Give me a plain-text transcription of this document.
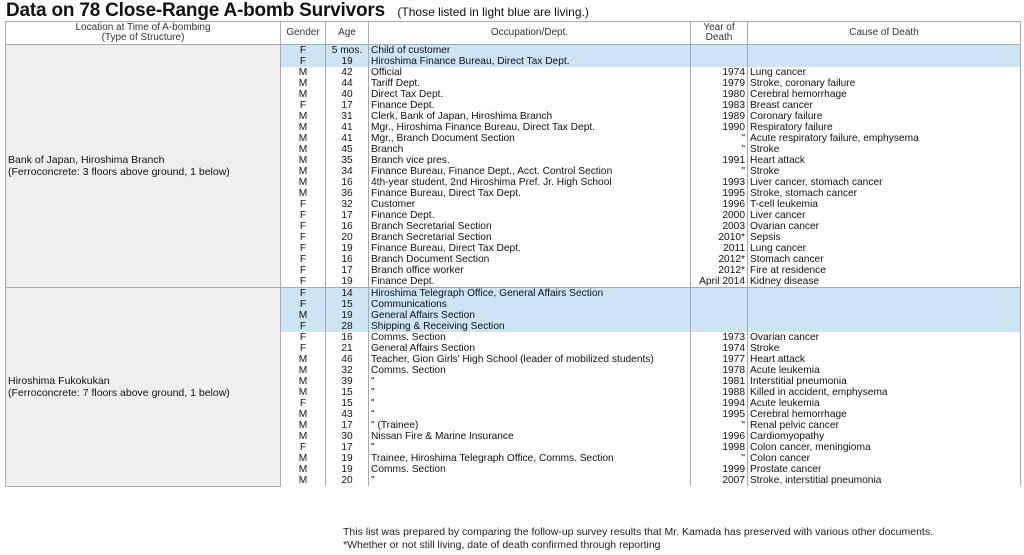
Data on 78 Close-Range A-bomb Survivors (Those listed in light blue are living.)
Location at Time of A-bombing
(Type of Structure)	Gender	Age	Occupation/Dept.	Year of
Death	Cause of Death

Bank of Japan, Hiroshima Branch
(Ferroconcrete: 3 floors above ground, 1 below)	F	5 mos.	Child of customer		
	F	19	Hiroshima Finance Bureau, Direct Tax Dept.		
	M	42	Official	1974	Lung cancer
	M	44	Tariff Dept.	1979	Stroke, coronary failure
	M	40	Direct Tax Dept.	1980	Cerebral hemorrhage
	F	17	Finance Dept.	1983	Breast cancer
	M	31	Clerk, Bank of Japan, Hiroshima Branch	1989	Coronary failure
	M	41	Mgr., Hiroshima Finance Bureau, Direct Tax Dept.	1990	Respiratory failure
	M	41	Mgr., Branch Document Section	"	Acute respiratory failure, emphysema
	M	45	Branch	"	Stroke
	M	35	Branch vice pres.	1991	Heart attack
	M	34	Finance Bureau, Finance Dept., Acct. Control Section	"	Stroke
	M	16	4th-year student, 2nd Hiroshima Pref. Jr. High School	1993	Liver cancer, stomach cancer
	M	36	Finance Bureau, Direct Tax Dept.	1995	Stroke, stomach cancer
	F	32	Customer	1996	T-cell leukemia
	F	17	Finance Dept.	2000	Liver cancer
	F	16	Branch Secretarial Section	2003	Ovarian cancer
	F	20	Branch Secretarial Section	2010*	Sepsis
	F	19	Finance Bureau, Direct Tax Dept.	2011	Lung cancer
	F	16	Branch Document Section	2012*	Stomach cancer
	F	17	Branch office worker	2012*	Fire at residence
	F	19	Finance Dept.	April 2014	Kidney disease

Hiroshima Fukokukan
(Ferroconcrete: 7 floors above ground, 1 below)	F	14	Hiroshima Telegraph Office, General Affairs Section		
	F	15	Communications		
	M	19	General Affairs Section		
	F	28	Shipping & Receiving Section		
	F	16	Comms. Section	1973	Ovarian cancer
	F	21	General Affairs Section	1974	Stroke
	M	46	Teacher, Gion Girls' High School (leader of mobilized students)	1977	Heart attack
	M	32	Comms. Section	1978	Acute leukemia
	M	39	"	1981	Interstitial pneumonia
	M	15	"	1988	Killed in accident, emphysema
	F	15	"	1994	Acute leukemia
	M	43	"	1995	Cerebral hemorrhage
	M	17	" (Trainee)	"	Renal pelvic cancer
	M	30	Nissan Fire & Marine Insurance	1996	Cardiomyopathy
	F	17	"	1998	Colon cancer, meningioma
	M	19	Trainee, Hiroshima Telegraph Office, Comms. Section	"	Colon cancer
	M	19	Comms. Section	1999	Prostate cancer
	M	20	"	2007	Stroke, interstitial pneumonia
This list was prepared by comparing the follow-up survey results that Mr. Kamada has preserved with various other documents.
*Whether or not still living, date of death confirmed through reporting
